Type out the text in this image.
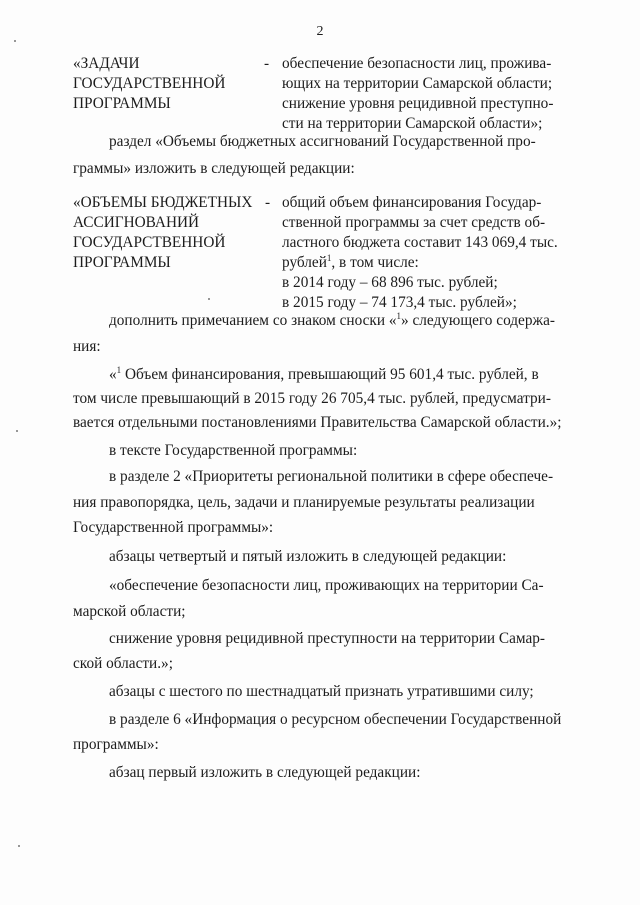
2
«ЗАДАЧИ
ГОСУДАРСТВЕННОЙ
ПРОГРАММЫ
- обеспечение безопасности лиц, прожива-
ющих на территории Самарской области;
снижение уровня рецидивной преступно-
сти на территории Самарской области»;
раздел «Объемы бюджетных ассигнований Государственной про-
граммы» изложить в следующей редакции:
«ОБЪЕМЫ БЮДЖЕТНЫХ
АССИГНОВАНИЙ
ГОСУДАРСТВЕННОЙ
ПРОГРАММЫ
- общий объем финансирования Государ-
ственной программы за счет средств об-
ластного бюджета составит 143 069,4 тыс.
рублей$^1$, в том числе:
в 2014 году – 68 896 тыс. рублей;
в 2015 году – 74 173,4 тыс. рублей»;
дополнить примечанием со знаком сноски «$^1$» следующего содержа-
ния:
«$^1$ Объем финансирования, превышающий 95 601,4 тыс. рублей, в
том числе превышающий в 2015 году 26 705,4 тыс. рублей, предусматри-
вается отдельными постановлениями Правительства Самарской области.»;
в тексте Государственной программы:
в разделе 2 «Приоритеты региональной политики в сфере обеспече-
ния правопорядка, цель, задачи и планируемые результаты реализации
Государственной программы»:
абзацы четвертый и пятый изложить в следующей редакции:
«обеспечение безопасности лиц, проживающих на территории Са-
марской области;
снижение уровня рецидивной преступности на территории Самар-
ской области.»;
абзацы с шестого по шестнадцатый признать утратившими силу;
в разделе 6 «Информация о ресурсном обеспечении Государственной
программы»:
абзац первый изложить в следующей редакции:
